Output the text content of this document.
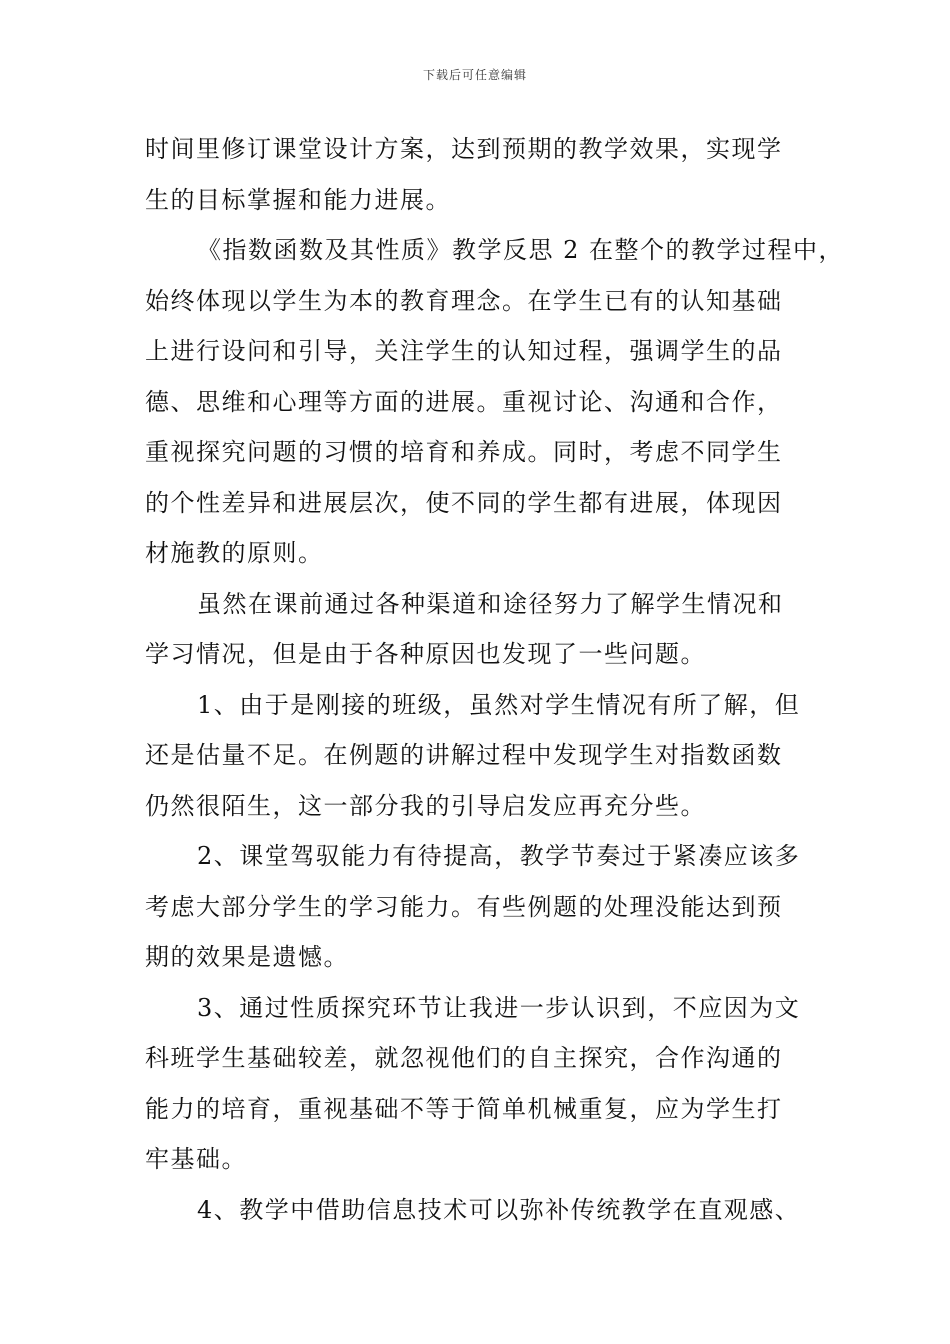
下载后可任意编辑
时间里修订课堂设计方案，达到预期的教学效果，实现学
生的目标掌握和能力进展。
《指数函数及其性质》教学反思 2 在整个的教学过程中，
始终体现以学生为本的教育理念。在学生已有的认知基础
上进行设问和引导，关注学生的认知过程，强调学生的品
德、思维和心理等方面的进展。重视讨论、沟通和合作，
重视探究问题的习惯的培育和养成。同时，考虑不同学生
的个性差异和进展层次，使不同的学生都有进展，体现因
材施教的原则。
虽然在课前通过各种渠道和途径努力了解学生情况和
学习情况，但是由于各种原因也发现了一些问题。
1、由于是刚接的班级，虽然对学生情况有所了解，但
还是估量不足。在例题的讲解过程中发现学生对指数函数
仍然很陌生，这一部分我的引导启发应再充分些。
2、课堂驾驭能力有待提高，教学节奏过于紧凑应该多
考虑大部分学生的学习能力。有些例题的处理没能达到预
期的效果是遗憾。
3、通过性质探究环节让我进一步认识到，不应因为文
科班学生基础较差，就忽视他们的自主探究，合作沟通的
能力的培育，重视基础不等于简单机械重复，应为学生打
牢基础。
4、教学中借助信息技术可以弥补传统教学在直观感、
